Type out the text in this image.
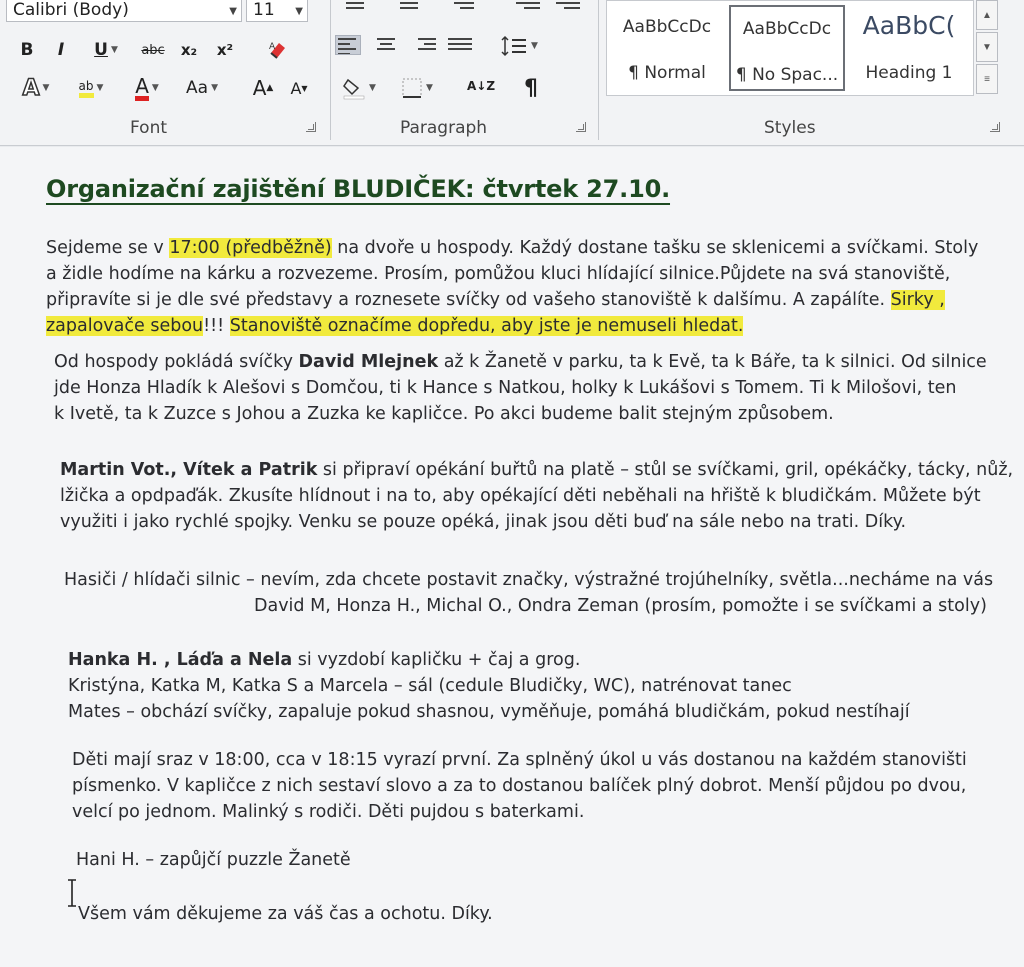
Calibri (Body)	▼ 11 ▼
B I U ▼ abc x₂ x²	A
A ▼ ab ▼ A ▼ Aa ▼ A ▲ A ▼
Font
▼
▼	▼	A↓Z ¶
Paragraph
AaBbCcDc
¶ Normal
AaBbCcDc
¶ No Spac...
AaBbC(
Heading 1
▲
▼
≡
Styles
Organizační zajištění BLUDIČEK: čtvrtek 27.10.
Sejdeme se v 17:00 (předběžně) na dvoře u hospody. Každý dostane tašku se sklenicemi a svíčkami. Stoly
a židle hodíme na kárku a rozvezeme. Prosím, pomůžou kluci hlídající silnice.Půjdete na svá stanoviště,
připravíte si je dle své představy a roznesete svíčky od vašeho stanoviště k dalšímu. A zapálíte. Sirky ,
zapalovače sebou!!! Stanoviště označíme dopředu, aby jste je nemuseli hledat.
Od hospody pokládá svíčky David Mlejnek až k Žanetě v parku, ta k Evě, ta k Báře, ta k silnici. Od silnice
jde Honza Hladík k Alešovi s Domčou, ti k Hance s Natkou, holky k Lukášovi s Tomem. Ti k Milošovi, ten
k Ivetě, ta k Zuzce s Johou a Zuzka ke kapličce. Po akci budeme balit stejným způsobem.
Martin Vot., Vítek a Patrik si připraví opékání buřtů na platě – stůl se svíčkami, gril, opékáčky, tácky, nůž,
lžička a opdpaďák. Zkusíte hlídnout i na to, aby opékající děti neběhali na hřiště k bludičkám. Můžete být
využiti i jako rychlé spojky. Venku se pouze opéká, jinak jsou děti buď na sále nebo na trati. Díky.
Hasiči / hlídači silnic – nevím, zda chcete postavit značky, výstražné trojúhelníky, světla...necháme na vás
David M, Honza H., Michal O., Ondra Zeman (prosím, pomožte i se svíčkami a stoly)
Hanka H. , Láďa a Nela si vyzdobí kapličku + čaj a grog.
Kristýna, Katka M, Katka S a Marcela – sál (cedule Bludičky, WC), natrénovat tanec
Mates – obchází svíčky, zapaluje pokud shasnou, vyměňuje, pomáhá bludičkám, pokud nestíhají
Děti mají sraz v 18:00, cca v 18:15 vyrazí první. Za splněný úkol u vás dostanou na každém stanovišti
písmenko. V kapličce z nich sestaví slovo a za to dostanou balíček plný dobrot. Menší půjdou po dvou,
velcí po jednom. Malinký s rodiči. Děti pujdou s baterkami.
Hani H. – zapůjčí puzzle Žanetě
Všem vám děkujeme za váš čas a ochotu. Díky.
